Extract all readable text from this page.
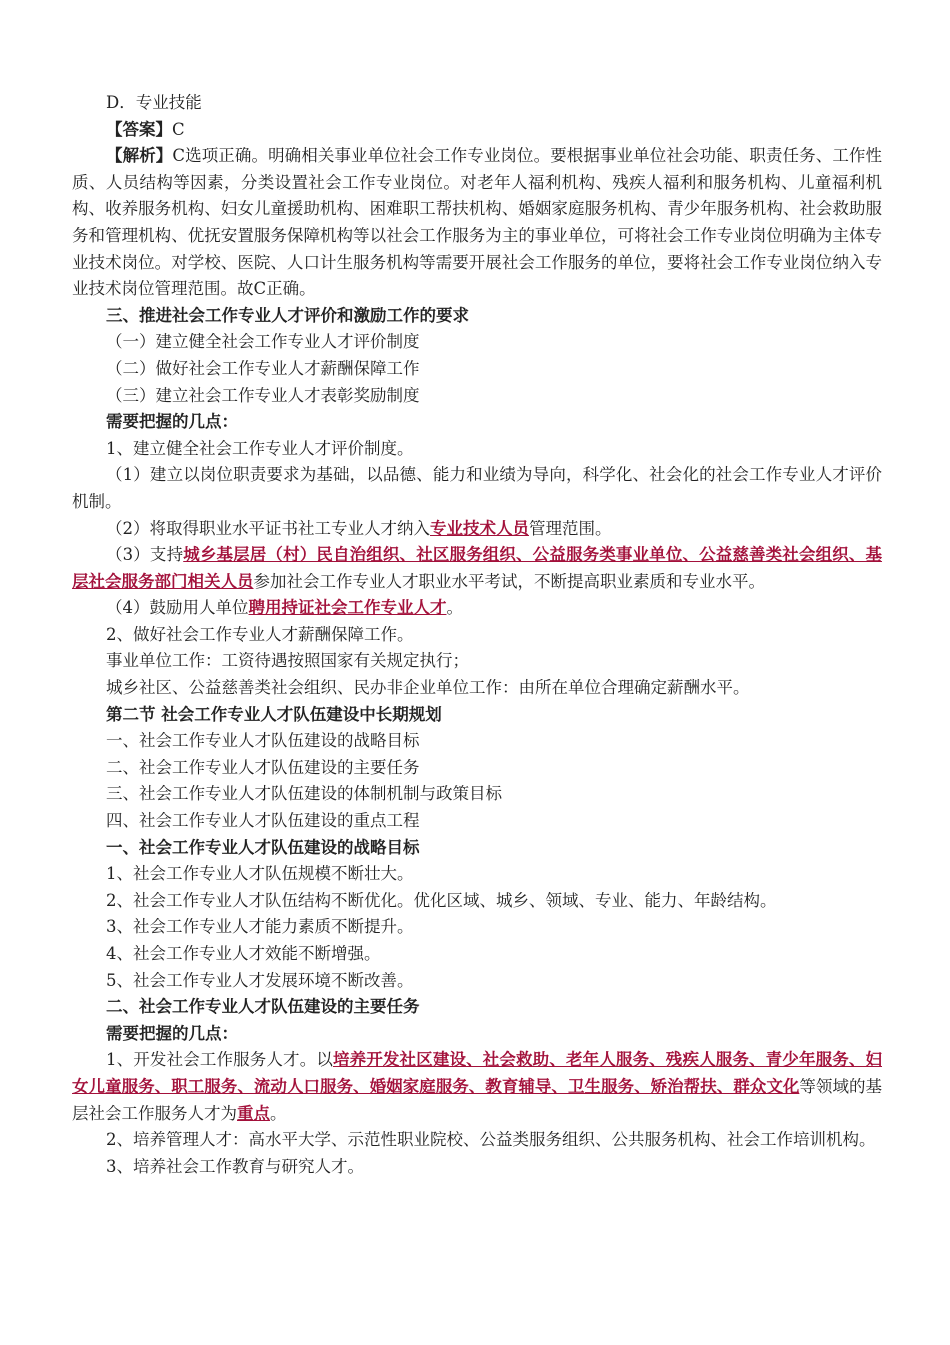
D．专业技能

【答案】C

【解析】C选项正确。明确相关事业单位社会工作专业岗位。要根据事业单位社会功能、职责任务、工作性质、人员结构等因素，分类设置社会工作专业岗位。对老年人福利机构、残疾人福利和服务机构、儿童福利机构、收养服务机构、妇女儿童援助机构、困难职工帮扶机构、婚姻家庭服务机构、青少年服务机构、社会救助服务和管理机构、优抚安置服务保障机构等以社会工作服务为主的事业单位，可将社会工作专业岗位明确为主体专业技术岗位。对学校、医院、人口计生服务机构等需要开展社会工作服务的单位，要将社会工作专业岗位纳入专业技术岗位管理范围。故C正确。

三、推进社会工作专业人才评价和激励工作的要求

（一）建立健全社会工作专业人才评价制度

（二）做好社会工作专业人才薪酬保障工作

（三）建立社会工作专业人才表彰奖励制度

需要把握的几点：

1、建立健全社会工作专业人才评价制度。

（1）建立以岗位职责要求为基础，以品德、能力和业绩为导向，科学化、社会化的社会工作专业人才评价机制。

（2）将取得职业水平证书社工专业人才纳入专业技术人员管理范围。

（3）支持城乡基层居（村）民自治组织、社区服务组织、公益服务类事业单位、公益慈善类社会组织、基层社会服务部门相关人员参加社会工作专业人才职业水平考试，不断提高职业素质和专业水平。

（4）鼓励用人单位聘用持证社会工作专业人才。

2、做好社会工作专业人才薪酬保障工作。

事业单位工作：工资待遇按照国家有关规定执行；

城乡社区、公益慈善类社会组织、民办非企业单位工作：由所在单位合理确定薪酬水平。

第二节 社会工作专业人才队伍建设中长期规划

一、社会工作专业人才队伍建设的战略目标

二、社会工作专业人才队伍建设的主要任务

三、社会工作专业人才队伍建设的体制机制与政策目标

四、社会工作专业人才队伍建设的重点工程

一、社会工作专业人才队伍建设的战略目标

1、社会工作专业人才队伍规模不断壮大。

2、社会工作专业人才队伍结构不断优化。优化区域、城乡、领域、专业、能力、年龄结构。

3、社会工作专业人才能力素质不断提升。

4、社会工作专业人才效能不断增强。

5、社会工作专业人才发展环境不断改善。

二、社会工作专业人才队伍建设的主要任务

需要把握的几点：

1、开发社会工作服务人才。以培养开发社区建设、社会救助、老年人服务、残疾人服务、青少年服务、妇女儿童服务、职工服务、流动人口服务、婚姻家庭服务、教育辅导、卫生服务、矫治帮扶、群众文化等领域的基层社会工作服务人才为重点。

2、培养管理人才：高水平大学、示范性职业院校、公益类服务组织、公共服务机构、社会工作培训机构。

3、培养社会工作教育与研究人才。
